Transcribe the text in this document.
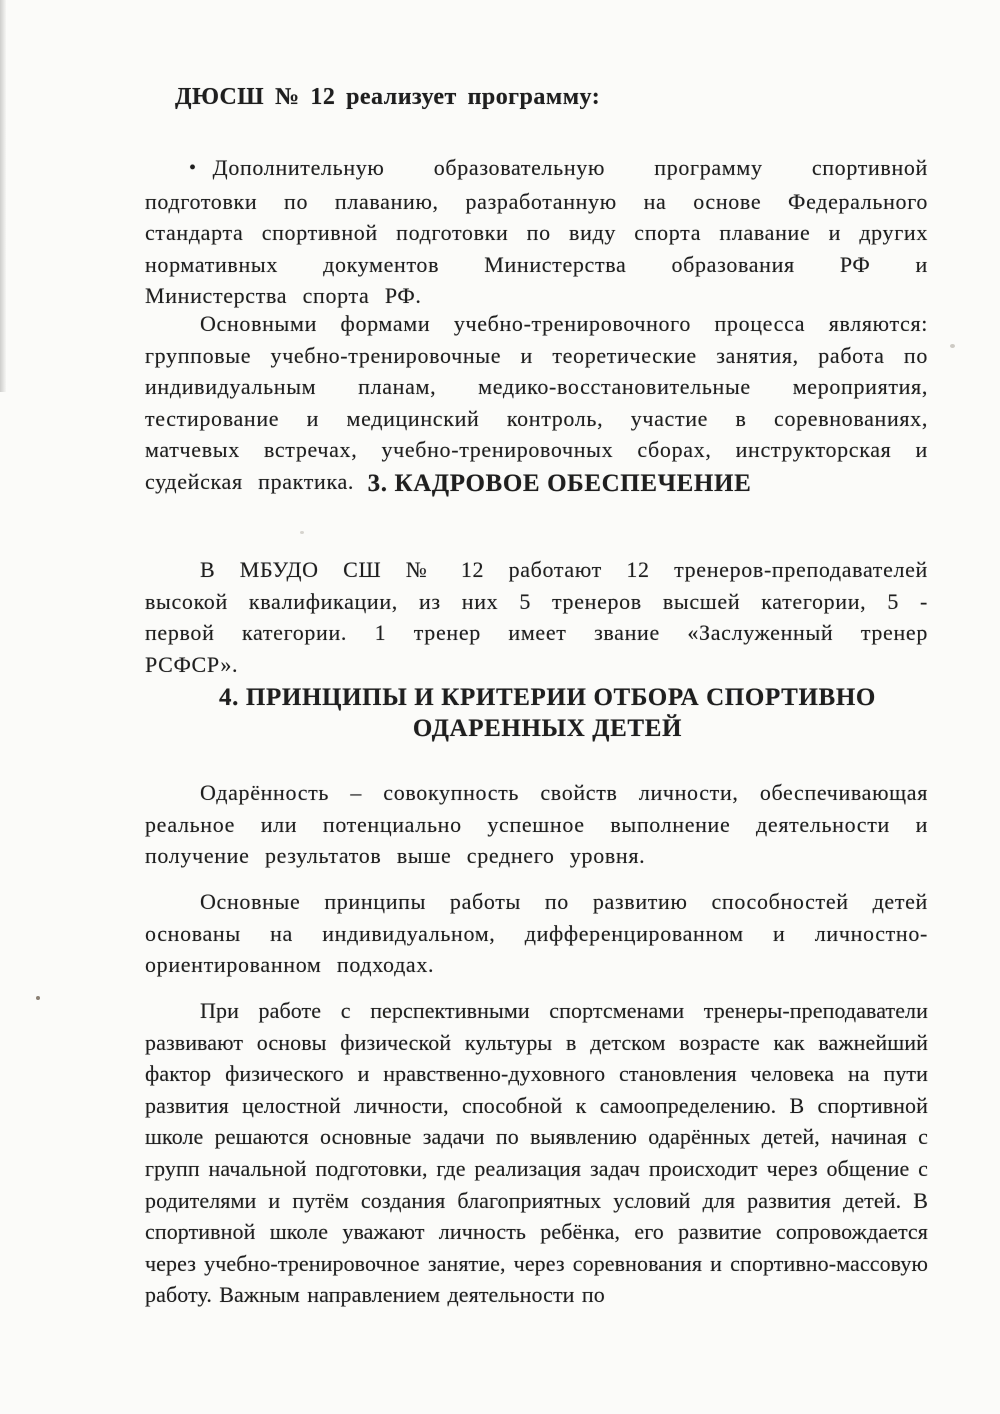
ДЮСШ № 12 реализует программу:

• Дополнительную образовательную программу спортивной подготовки по плаванию, разработанную на основе Федерального стандарта спортивной подготовки по виду спорта плавание и других нормативных документов Министерства образования РФ и Министерства спорта РФ.

Основными формами учебно-тренировочного процесса являются: групповые учебно-тренировочные и теоретические занятия, работа по индивидуальным планам, медико-восстановительные мероприятия, тестирование и медицинский контроль, участие в соревнованиях, матчевых встречах, учебно-тренировочных сборах, инструкторская и судейская практика. 3. КАДРОВОЕ ОБЕСПЕЧЕНИЕ

В МБУДО СШ № 12 работают 12 тренеров-преподавателей высокой квалификации, из них 5 тренеров высшей категории, 5 - первой категории. 1 тренер имеет звание «Заслуженный тренер РСФСР».

4. ПРИНЦИПЫ И КРИТЕРИИ ОТБОРА СПОРТИВНО
ОДАРЕННЫХ ДЕТЕЙ

Одарённость – совокупность свойств личности, обеспечивающая реальное или потенциально успешное выполнение деятельности и получение результатов выше среднего уровня.

Основные принципы работы по развитию способностей детей основаны на индивидуальном, дифференцированном и личностно-ориентированном подходах.

При работе с перспективными спортсменами тренеры-преподаватели развивают основы физической культуры в детском возрасте как важнейший фактор физического и нравственно-духовного становления человека на пути развития целостной личности, способной к самоопределению. В спортивной школе решаются основные задачи по выявлению одарённых детей, начиная с групп начальной подготовки, где реализация задач происходит через общение с родителями и путём создания благоприятных условий для развития детей. В спортивной школе уважают личность ребёнка, его развитие сопровождается через учебно-тренировочное занятие, через соревнования и спортивно-массовую работу. Важным направлением деятельности по
